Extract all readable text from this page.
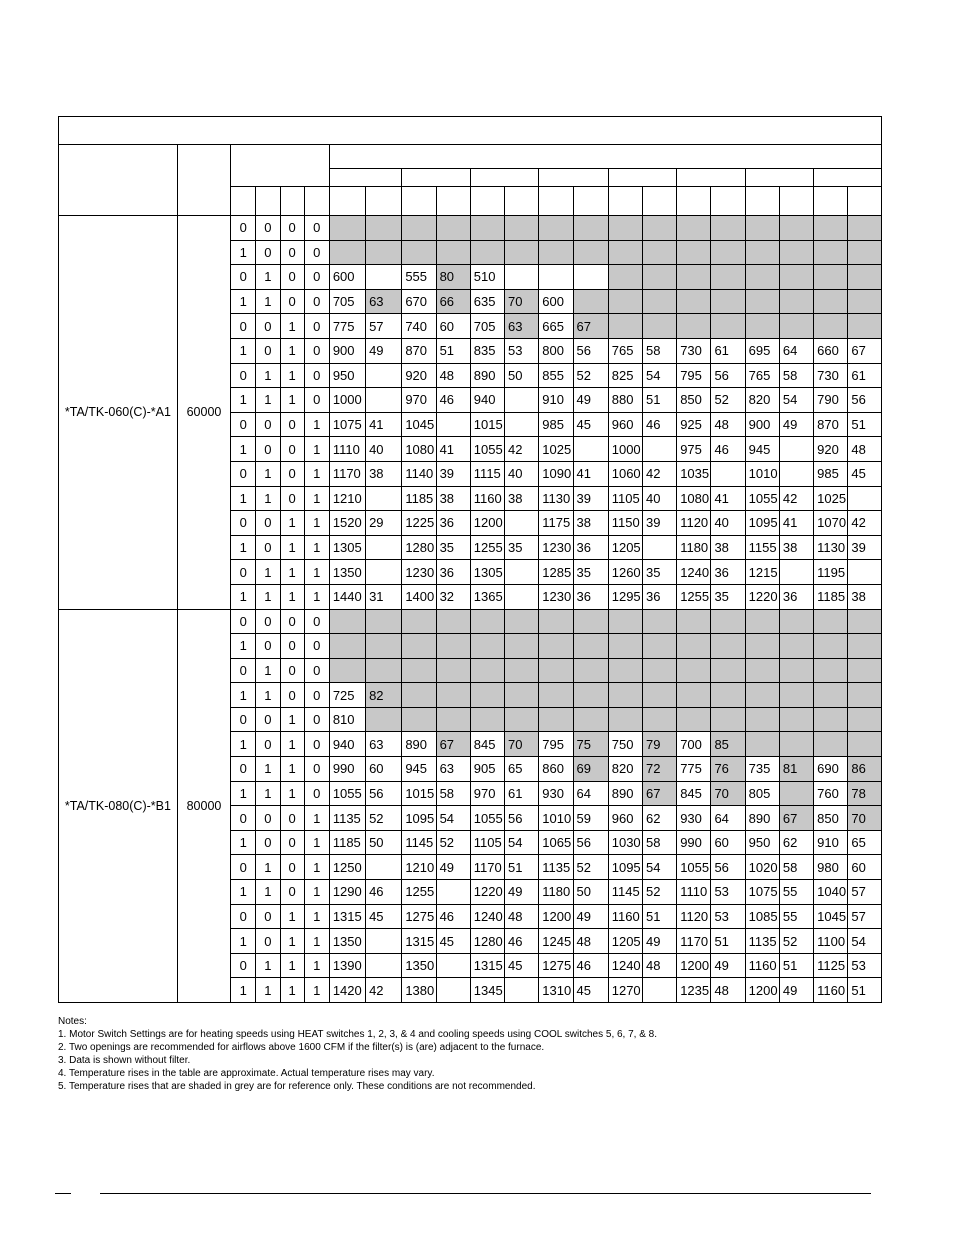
*TA/TK-060(C)-*A1	60000	0	0	0	0																
		1	0	0	0																
		0	1	0	0	600		555	80	510											
		1	1	0	0	705	63	670	66	635	70	600									
		0	0	1	0	775	57	740	60	705	63	665	67								
		1	0	1	0	900	49	870	51	835	53	800	56	765	58	730	61	695	64	660	67
		0	1	1	0	950		920	48	890	50	855	52	825	54	795	56	765	58	730	61
		1	1	1	0	1000		970	46	940		910	49	880	51	850	52	820	54	790	56
		0	0	0	1	1075	41	1045		1015		985	45	960	46	925	48	900	49	870	51
		1	0	0	1	1110	40	1080	41	1055	42	1025		1000		975	46	945		920	48
		0	1	0	1	1170	38	1140	39	1115	40	1090	41	1060	42	1035		1010		985	45
		1	1	0	1	1210		1185	38	1160	38	1130	39	1105	40	1080	41	1055	42	1025	
		0	0	1	1	1520	29	1225	36	1200		1175	38	1150	39	1120	40	1095	41	1070	42
		1	0	1	1	1305		1280	35	1255	35	1230	36	1205		1180	38	1155	38	1130	39
		0	1	1	1	1350		1230	36	1305		1285	35	1260	35	1240	36	1215		1195	
		1	1	1	1	1440	31	1400	32	1365		1230	36	1295	36	1255	35	1220	36	1185	38
*TA/TK-080(C)-*B1	80000	0	0	0	0																
		1	0	0	0																
		0	1	0	0																
		1	1	0	0	725	82														
		0	0	1	0	810															
		1	0	1	0	940	63	890	67	845	70	795	75	750	79	700	85				
		0	1	1	0	990	60	945	63	905	65	860	69	820	72	775	76	735	81	690	86
		1	1	1	0	1055	56	1015	58	970	61	930	64	890	67	845	70	805		760	78
		0	0	0	1	1135	52	1095	54	1055	56	1010	59	960	62	930	64	890	67	850	70
		1	0	0	1	1185	50	1145	52	1105	54	1065	56	1030	58	990	60	950	62	910	65
		0	1	0	1	1250		1210	49	1170	51	1135	52	1095	54	1055	56	1020	58	980	60
		1	1	0	1	1290	46	1255		1220	49	1180	50	1145	52	1110	53	1075	55	1040	57
		0	0	1	1	1315	45	1275	46	1240	48	1200	49	1160	51	1120	53	1085	55	1045	57
		1	0	1	1	1350		1315	45	1280	46	1245	48	1205	49	1170	51	1135	52	1100	54
		0	1	1	1	1390		1350		1315	45	1275	46	1240	48	1200	49	1160	51	1125	53
		1	1	1	1	1420	42	1380		1345		1310	45	1270		1235	48	1200	49	1160	51
Notes:
1. Motor Switch Settings are for heating speeds using HEAT switches 1, 2, 3, & 4 and cooling speeds using COOL switches 5, 6, 7, & 8.
2. Two openings are recommended for airflows above 1600 CFM if the filter(s) is (are) adjacent to the furnace.
3. Data is shown without filter.
4. Temperature rises in the table are approximate. Actual temperature rises may vary.
5. Temperature rises that are shaded in grey are for reference only. These conditions are not recommended.
